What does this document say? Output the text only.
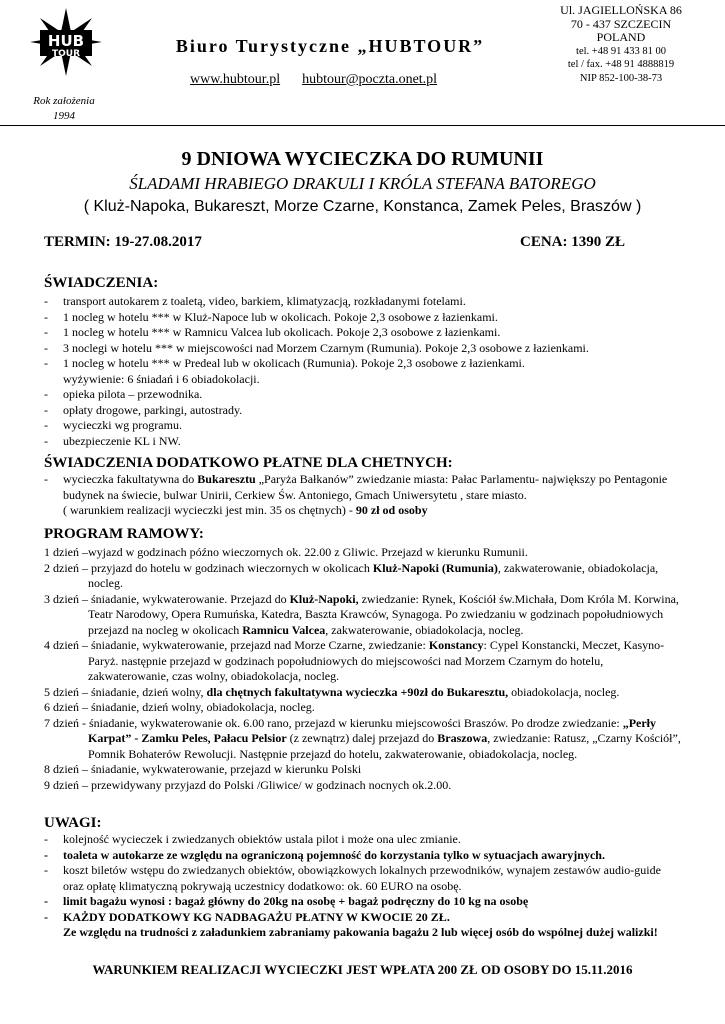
HUB
TOUR
Rok założenia
1994
Biuro Turystyczne „HUBTOUR”
www.hubtour.pl hubtour@poczta.onet.pl
Ul. JAGIELLOŃSKA 86
70 - 437 SZCZECIN
POLAND
tel. +48 91 433 81 00
tel / fax. +48 91 4888819
NIP 852-100-38-73
9 DNIOWA WYCIECZKA DO RUMUNII
ŚLADAMI HRABIEGO DRAKULI I KRÓLA STEFANA BATOREGO
( Kluż-Napoka, Bukareszt, Morze Czarne, Konstanca, Zamek Peles, Braszów )
TERMIN: 19-27.08.2017	CENA: 1390 ZŁ
ŚWIADCZENIA:
- transport autokarem z toaletą, video, barkiem, klimatyzacją, rozkładanymi fotelami.
- 1 nocleg w hotelu *** w Kluż-Napoce lub w okolicach. Pokoje 2,3 osobowe z łazienkami.
- 1 nocleg w hotelu *** w Ramnicu Valcea lub okolicach. Pokoje 2,3 osobowe z łazienkami.
- 3 noclegi w hotelu *** w miejscowości nad Morzem Czarnym (Rumunia). Pokoje 2,3 osobowe z łazienkami.
- 1 nocleg w hotelu *** w Predeal lub w okolicach (Rumunia). Pokoje 2,3 osobowe z łazienkami.
wyżywienie: 6 śniadań i 6 obiadokolacji.
- opieka pilota – przewodnika.
- opłaty drogowe, parkingi, autostrady.
- wycieczki wg programu.
- ubezpieczenie KL i NW.
ŚWIADCZENIA DODATKOWO PŁATNE DLA CHETNYCH:
- wycieczka fakultatywna do Bukaresztu „Paryża Bałkanów” zwiedzanie miasta: Pałac Parlamentu- największy po Pentagonie budynek na świecie, bulwar Unirii, Cerkiew Św. Antoniego, Gmach Uniwersytetu , stare miasto.
( warunkiem realizacji wycieczki jest min. 35 os chętnych) - 90 zł od osoby
PROGRAM RAMOWY:
1 dzień –wyjazd w godzinach późno wieczornych ok. 22.00 z Gliwic. Przejazd w kierunku Rumunii.
2 dzień – przyjazd do hotelu w godzinach wieczornych w okolicach Kluż-Napoki (Rumunia), zakwaterowanie, obiadokolacja, nocleg.
3 dzień – śniadanie, wykwaterowanie. Przejazd do Kluż-Napoki, zwiedzanie: Rynek, Kościół św.Michała, Dom Króla M. Korwina, Teatr Narodowy, Opera Rumuńska, Katedra, Baszta Krawców, Synagoga. Po zwiedzaniu w godzinach popołudniowych przejazd na nocleg w okolicach Ramnicu Valcea, zakwaterowanie, obiadokolacja, nocleg.
4 dzień – śniadanie, wykwaterowanie, przejazd nad Morze Czarne, zwiedzanie: Konstancy: Cypel Konstancki, Meczet, Kasyno-Paryż. następnie przejazd w godzinach popołudniowych do miejscowości nad Morzem Czarnym do hotelu, zakwaterowanie, czas wolny, obiadokolacja, nocleg.
5 dzień – śniadanie, dzień wolny, dla chętnych fakultatywna wycieczka +90zł do Bukaresztu, obiadokolacja, nocleg.
6 dzień – śniadanie, dzień wolny, obiadokolacja, nocleg.
7 dzień - śniadanie, wykwaterowanie ok. 6.00 rano, przejazd w kierunku miejscowości Braszów. Po drodze zwiedzanie: „Perły Karpat” - Zamku Peles, Pałacu Pelsior (z zewnątrz) dalej przejazd do Braszowa, zwiedzanie: Ratusz, „Czarny Kościół”, Pomnik Bohaterów Rewolucji. Następnie przejazd do hotelu, zakwaterowanie, obiadokolacja, nocleg.
8 dzień – śniadanie, wykwaterowanie, przejazd w kierunku Polski
9 dzień – przewidywany przyjazd do Polski /Gliwice/ w godzinach nocnych ok.2.00.
UWAGI:
- kolejność wycieczek i zwiedzanych obiektów ustala pilot i może ona ulec zmianie.
- toaleta w autokarze ze względu na ograniczoną pojemność do korzystania tylko w sytuacjach awaryjnych.
- koszt biletów wstępu do zwiedzanych obiektów, obowiązkowych lokalnych przewodników, wynajem zestawów audio-guide oraz opłatę klimatyczną pokrywają uczestnicy dodatkowo: ok. 60 EURO na osobę.
- limit bagażu wynosi : bagaż główny do 20kg na osobę + bagaż podręczny do 10 kg na osobę
- KAŻDY DODATKOWY KG NADBAGAŻU PŁATNY W KWOCIE 20 ZŁ.
Ze względu na trudności z załadunkiem zabraniamy pakowania bagażu 2 lub więcej osób do wspólnej dużej walizki!
WARUNKIEM REALIZACJI WYCIECZKI JEST WPŁATA 200 ZŁ OD OSOBY DO 15.11.2016
